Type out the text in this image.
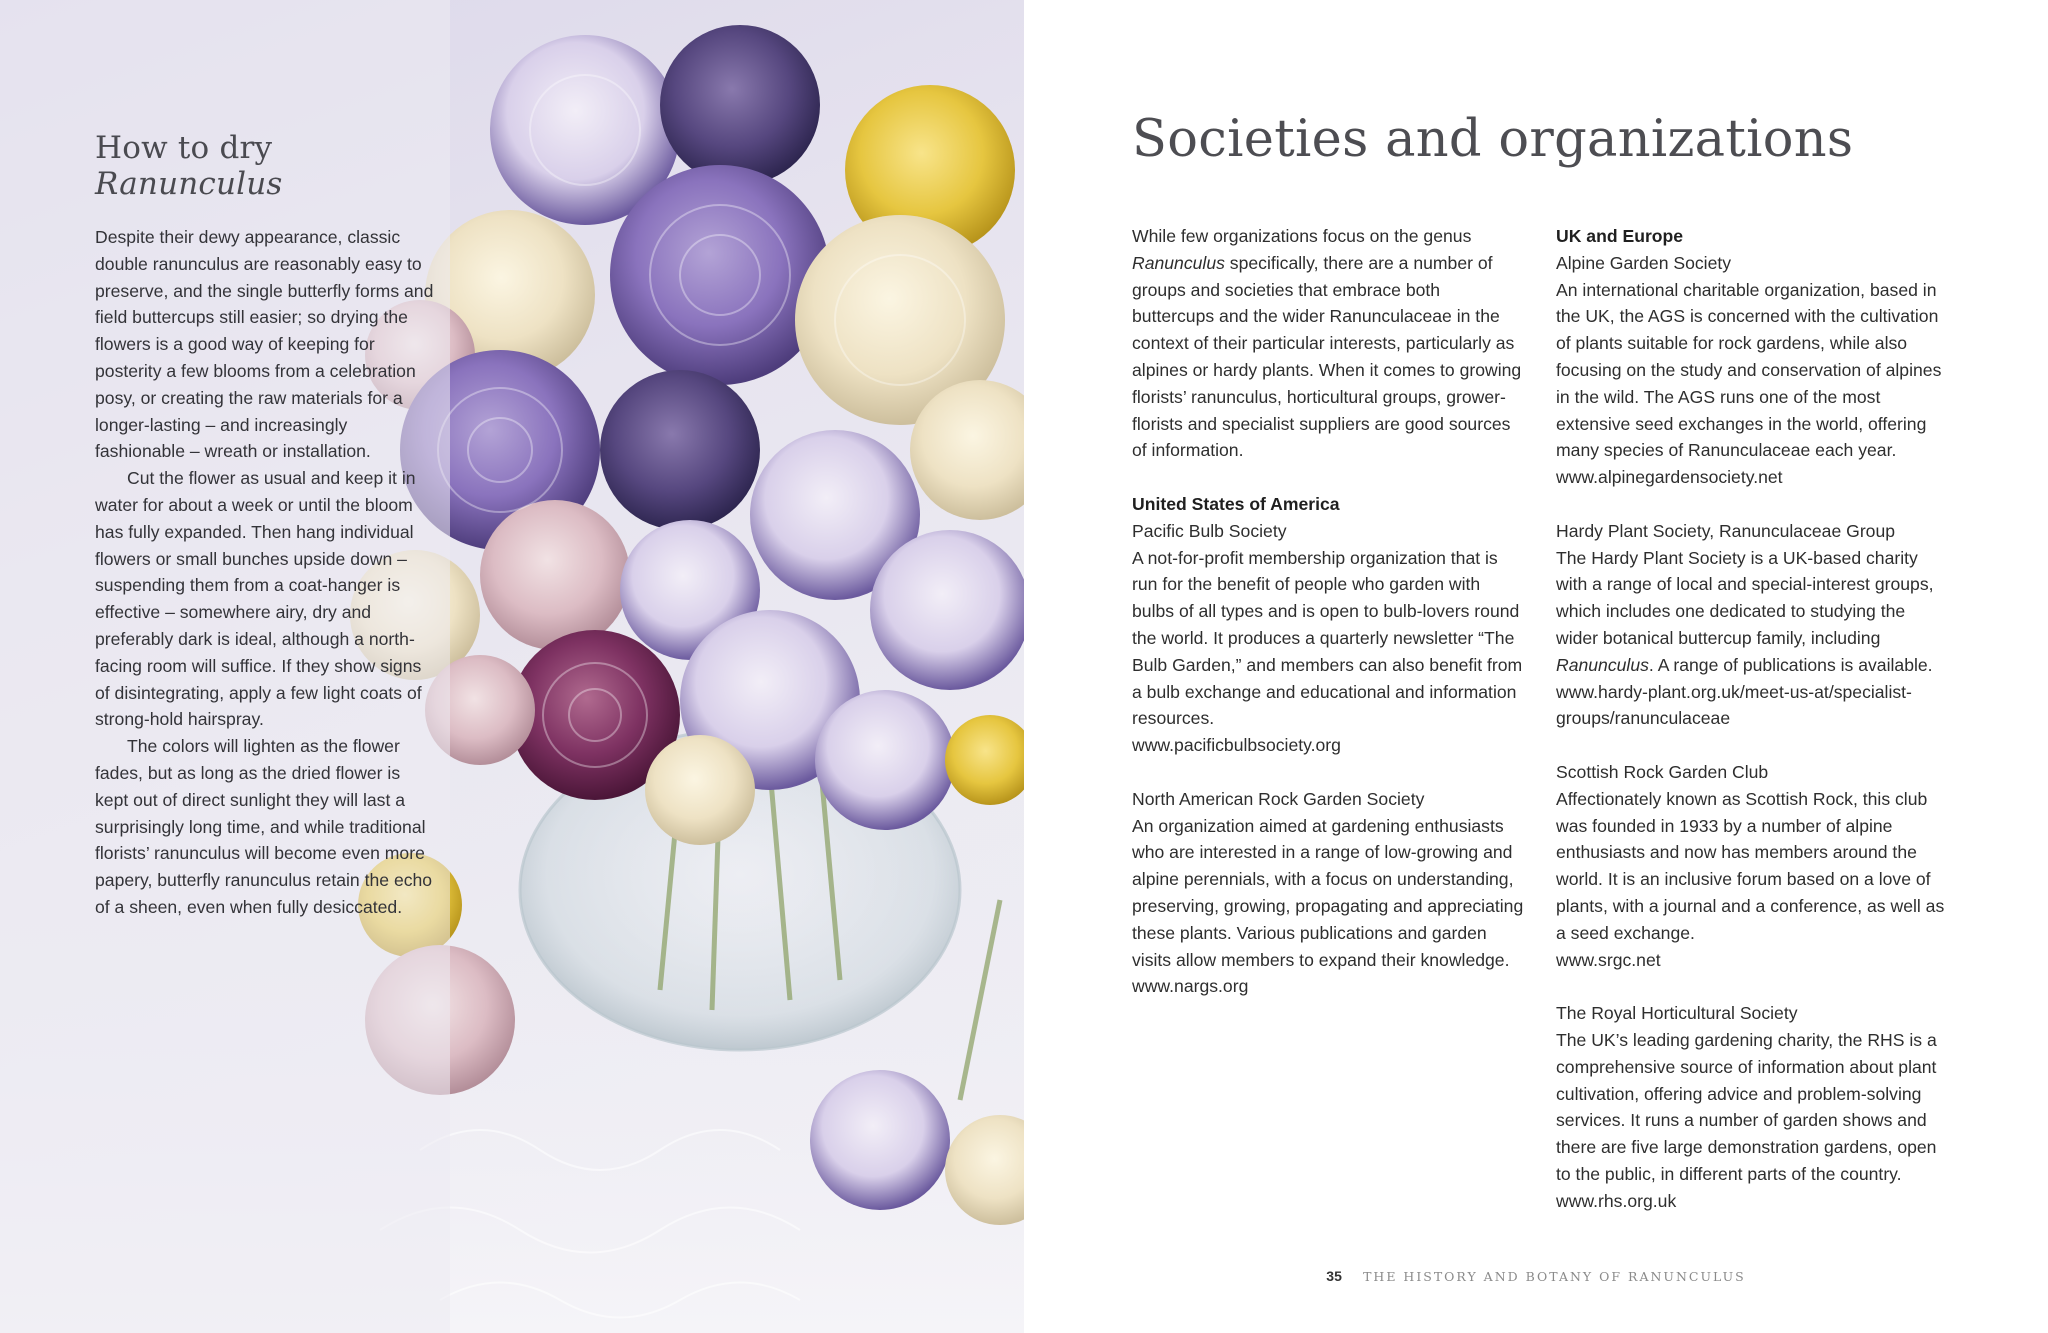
How to dry Ranunculus

Despite their dewy appearance, classic double ranunculus are reasonably easy to preserve, and the single butterfly forms and field buttercups still easier; so drying the flowers is a good way of keeping for posterity a few blooms from a celebration posy, or creating the raw materials for a longer-lasting – and increasingly fashionable – wreath or installation.

Cut the flower as usual and keep it in water for about a week or until the bloom has fully expanded. Then hang individual flowers or small bunches upside down – suspending them from a coat-hanger is effective – somewhere airy, dry and preferably dark is ideal, although a north-facing room will suffice. If they show signs of disintegrating, apply a few light coats of strong-hold hairspray.

The colors will lighten as the flower fades, but as long as the dried flower is kept out of direct sunlight they will last a surprisingly long time, and while traditional florists’ ranunculus will become even more papery, butterfly ranunculus retain the echo of a sheen, even when fully desiccated.

Societies and organizations

While few organizations focus on the genus Ranunculus specifically, there are a number of groups and societies that embrace both buttercups and the wider Ranunculaceae in the context of their particular interests, particularly as alpines or hardy plants. When it comes to growing florists’ ranunculus, horticultural groups, grower-florists and specialist suppliers are good sources of information.

United States of America

Pacific Bulb Society

A not-for-profit membership organization that is run for the benefit of people who garden with bulbs of all types and is open to bulb-lovers round the world. It produces a quarterly newsletter “The Bulb Garden,” and members can also benefit from a bulb exchange and educational and information resources.

www.pacificbulbsociety.org

North American Rock Garden Society

An organization aimed at gardening enthusiasts who are interested in a range of low-growing and alpine perennials, with a focus on understanding, preserving, growing, propagating and appreciating these plants. Various publications and garden visits allow members to expand their knowledge.

www.nargs.org

UK and Europe

Alpine Garden Society

An international charitable organization, based in the UK, the AGS is concerned with the cultivation of plants suitable for rock gardens, while also focusing on the study and conservation of alpines in the wild. The AGS runs one of the most extensive seed exchanges in the world, offering many species of Ranunculaceae each year.

www.alpinegardensociety.net

Hardy Plant Society, Ranunculaceae Group

The Hardy Plant Society is a UK-based charity with a range of local and special-interest groups, which includes one dedicated to studying the wider botanical buttercup family, including Ranunculus. A range of publications is available.

www.hardy-plant.org.uk/meet-us-at/specialist-groups/ranunculaceae

Scottish Rock Garden Club

Affectionately known as Scottish Rock, this club was founded in 1933 by a number of alpine enthusiasts and now has members around the world. It is an inclusive forum based on a love of plants, with a journal and a conference, as well as a seed exchange.

www.srgc.net

The Royal Horticultural Society

The UK’s leading gardening charity, the RHS is a comprehensive source of information about plant cultivation, offering advice and problem-solving services. It runs a number of garden shows and there are five large demonstration gardens, open to the public, in different parts of the country.

www.rhs.org.uk

35 THE HISTORY AND BOTANY OF RANUNCULUS
